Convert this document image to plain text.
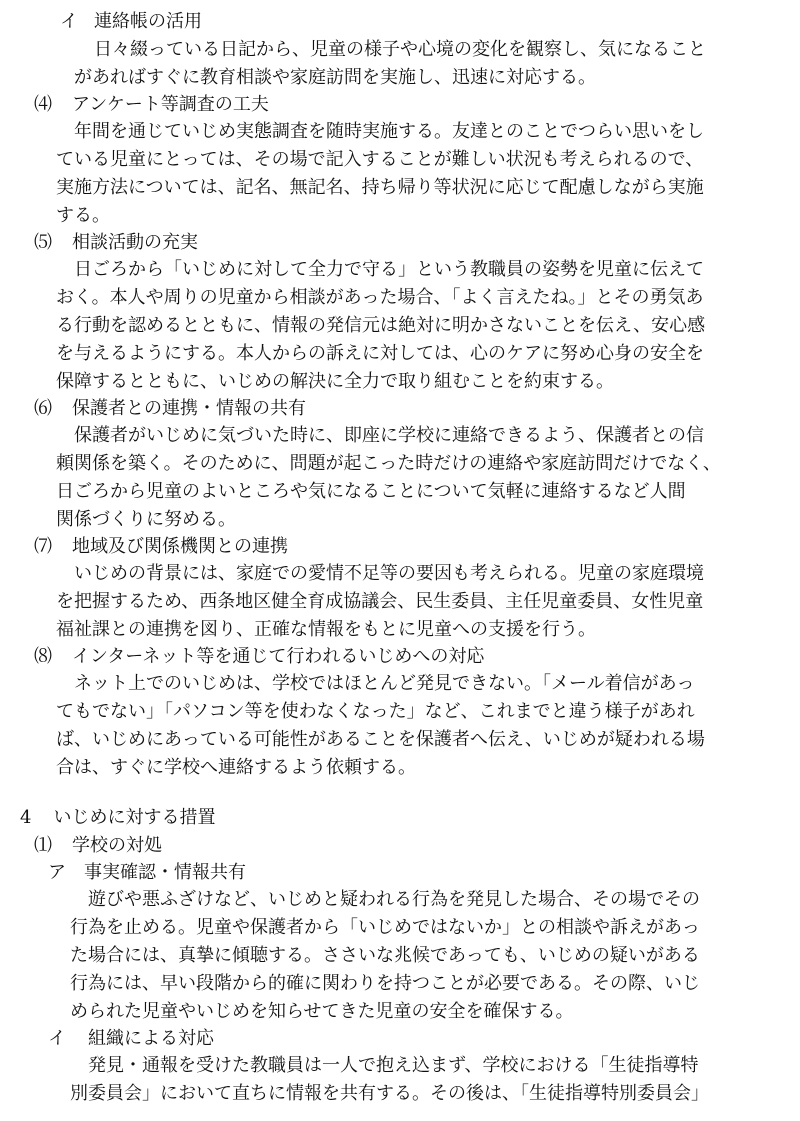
イ 連絡帳の活用
日々綴っている日記から、児童の様子や心境の変化を観察し、気になること
があればすぐに教育相談や家庭訪問を実施し、迅速に対応する。
⑷ アンケート等調査の工夫
年間を通じていじめ実態調査を随時実施する。友達とのことでつらい思いをし
ている児童にとっては、その場で記入することが難しい状況も考えられるので、
実施方法については、記名、無記名、持ち帰り等状況に応じて配慮しながら実施
する。
⑸ 相談活動の充実
日ごろから「いじめに対して全力で守る」という教職員の姿勢を児童に伝えて
おく。本人や周りの児童から相談があった場合、「よく言えたね。」とその勇気あ
る行動を認めるとともに、情報の発信元は絶対に明かさないことを伝え、安心感
を与えるようにする。本人からの訴えに対しては、心のケアに努め心身の安全を
保障するとともに、いじめの解決に全力で取り組むことを約束する。
⑹ 保護者との連携・情報の共有
保護者がいじめに気づいた時に、即座に学校に連絡できるよう、保護者との信
頼関係を築く。そのために、問題が起こった時だけの連絡や家庭訪問だけでなく、
日ごろから児童のよいところや気になることについて気軽に連絡するなど人間
関係づくりに努める。
⑺ 地域及び関係機関との連携
いじめの背景には、家庭での愛情不足等の要因も考えられる。児童の家庭環境
を把握するため、西条地区健全育成協議会、民生委員、主任児童委員、女性児童
福祉課との連携を図り、正確な情報をもとに児童への支援を行う。
⑻ インターネット等を通じて行われるいじめへの対応
ネット上でのいじめは、学校ではほとんど発見できない。「メール着信があっ
てもでない」「パソコン等を使わなくなった」など、これまでと違う様子があれ
ば、いじめにあっている可能性があることを保護者へ伝え、いじめが疑われる場
合は、すぐに学校へ連絡するよう依頼する。
4 いじめに対する措置
⑴ 学校の対処
ア 事実確認・情報共有
遊びや悪ふざけなど、いじめと疑われる行為を発見した場合、その場でその
行為を止める。児童や保護者から「いじめではないか」との相談や訴えがあっ
た場合には、真摯に傾聴する。ささいな兆候であっても、いじめの疑いがある
行為には、早い段階から的確に関わりを持つことが必要である。その際、いじ
められた児童やいじめを知らせてきた児童の安全を確保する。
イ 組織による対応
発見・通報を受けた教職員は一人で抱え込まず、学校における「生徒指導特
別委員会」において直ちに情報を共有する。その後は、「生徒指導特別委員会」
